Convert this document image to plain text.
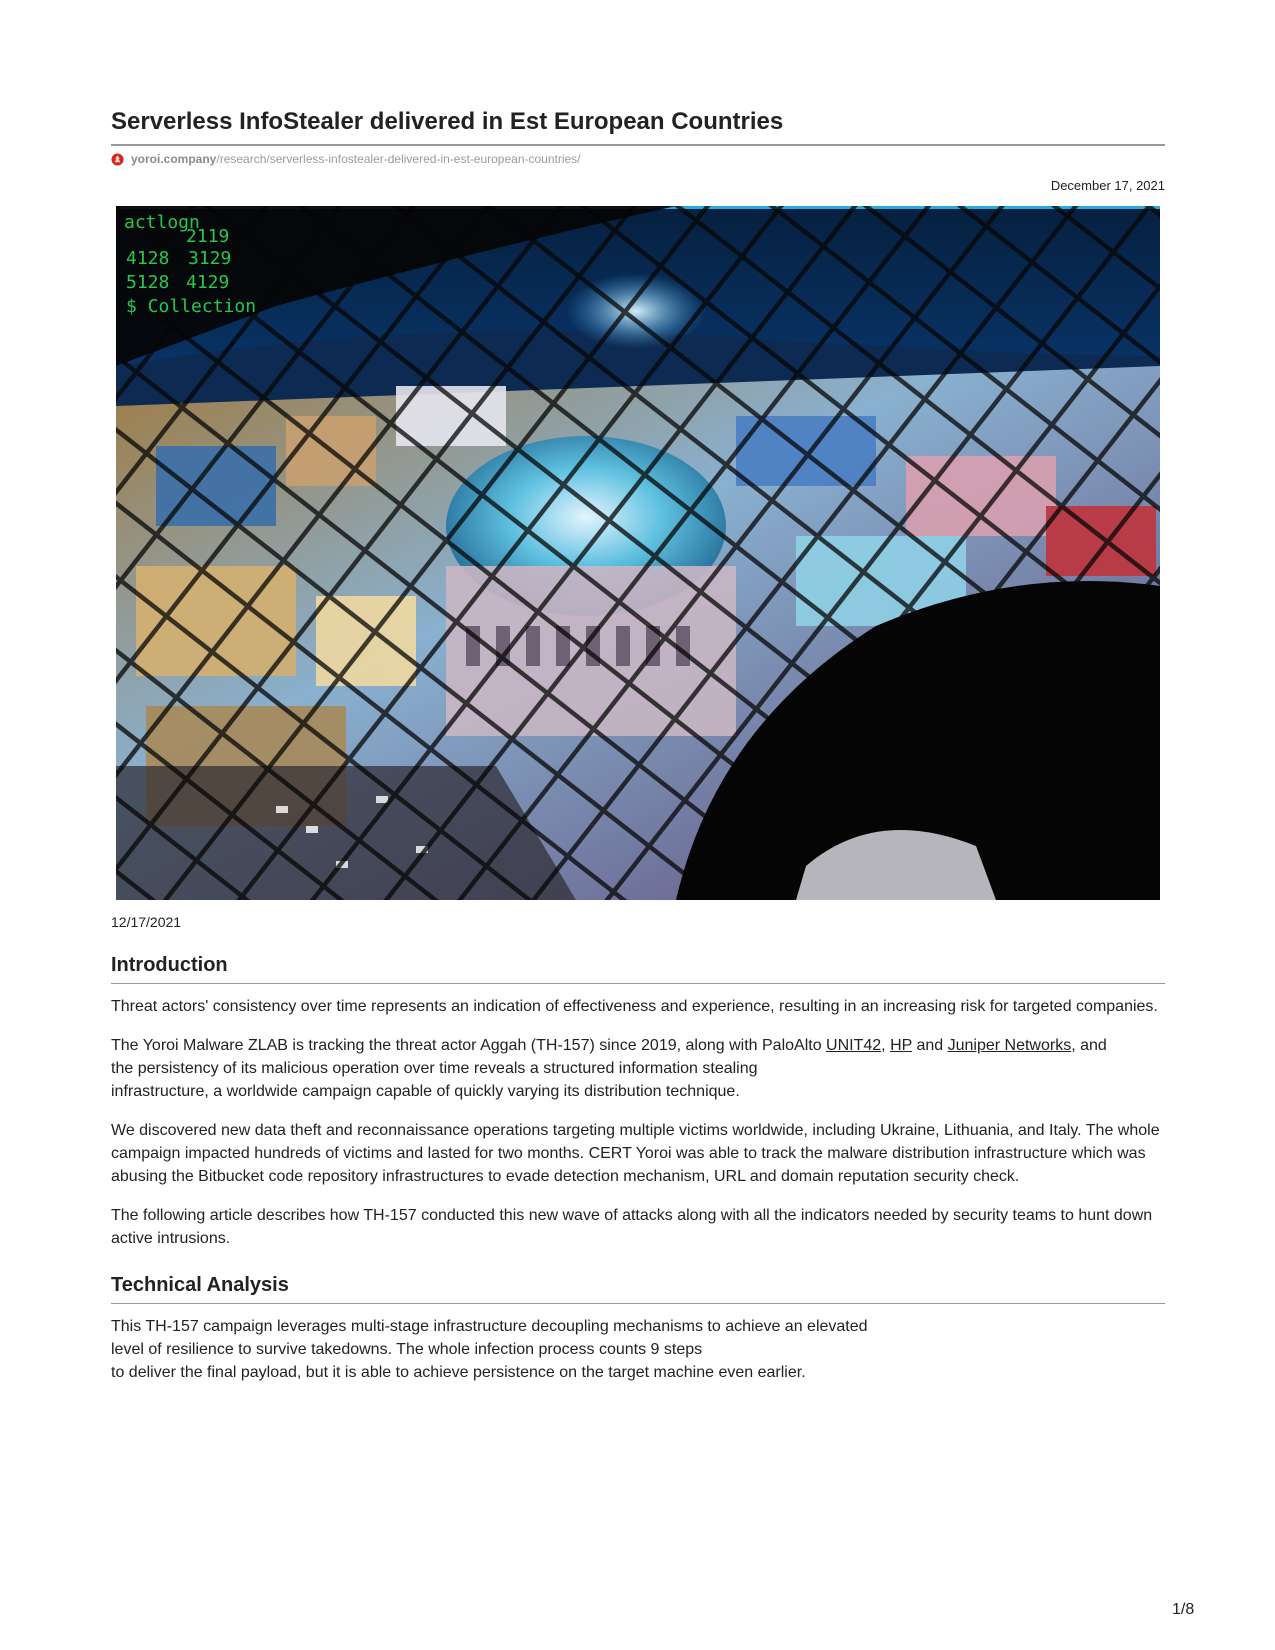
Serverless InfoStealer delivered in Est European Countries
yoroi.company /research/serverless-infostealer-delivered-in-est-european-countries/
December 17, 2021
actlogn
2119
4128 3129
5128 4129
$ Collection
12/17/2021
Introduction

Threat actors' consistency over time represents an indication of effectiveness and experience, resulting in an increasing risk for targeted companies.

The Yoroi Malware ZLAB is tracking the threat actor Aggah (TH-157) since 2019, along with PaloAlto UNIT42, HP and Juniper Networks, and
the persistency of its malicious operation over time reveals a structured information stealing
infrastructure, a worldwide campaign capable of quickly varying its distribution technique.

We discovered new data theft and reconnaissance operations targeting multiple victims worldwide, including Ukraine, Lithuania, and Italy. The whole campaign impacted hundreds of victims and lasted for two months. CERT Yoroi was able to track the malware distribution infrastructure which was abusing the Bitbucket code repository infrastructures to evade detection mechanism, URL and domain reputation security check.

The following article describes how TH-157 conducted this new wave of attacks along with all the indicators needed by security teams to hunt down active intrusions.

Technical Analysis

This TH-157 campaign leverages multi-stage infrastructure decoupling mechanisms to achieve an elevated
level of resilience to survive takedowns. The whole infection process counts 9 steps
to deliver the final payload, but it is able to achieve persistence on the target machine even earlier.

1/8
